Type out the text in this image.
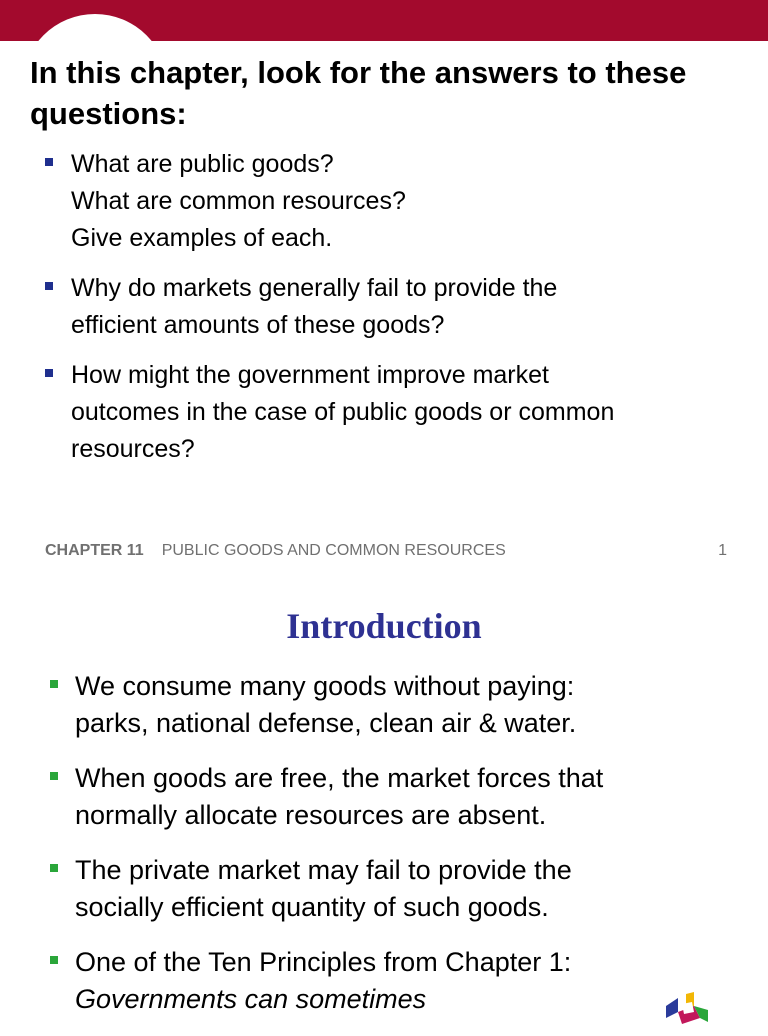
In this chapter, look for the answers to these questions:
What are public goods?
What are common resources?
Give examples of each.
Why do markets generally fail to provide the
efficient amounts of these goods?
How might the government improve market
outcomes in the case of public goods or common
resources?
CHAPTER 11 PUBLIC GOODS AND COMMON RESOURCES	1
Introduction
We consume many goods without paying:
parks, national defense, clean air & water.
When goods are free, the market forces that
normally allocate resources are absent.
The private market may fail to provide the
socially efficient quantity of such goods.
One of the Ten Principles from Chapter 1:
Governments can sometimes
